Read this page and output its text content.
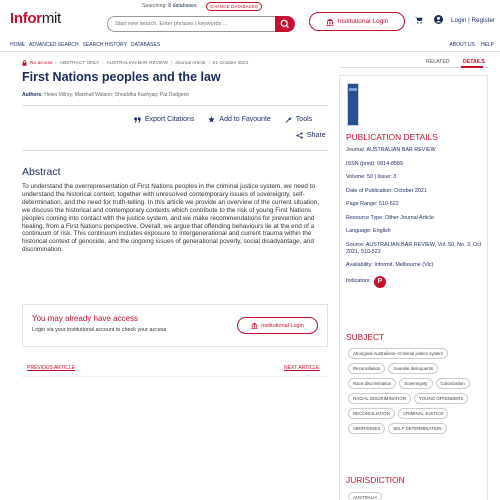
Informit
Searching: 8 databases	CHANGE DATABASES
Start new search. Enter phrases | keywords ...
Institutional Login	Login | Register
HOME ADVANCED SEARCH SEARCH HISTORY DATABASES	ABOUT US HELP
No access | ABSTRACT ONLY | AUSTRALIAN BAR REVIEW | Journal Article | 01 October 2021
First Nations peoples and the law
Authors: Helen Milroy; Marshall Watson; Shraddha Kashyap; Pat Dudgeon
Export Citations	Add to Favourite	Tools
Share
Abstract
To understand the overrepresentation of First Nations peoples in the criminal justice system, we need to understand the historical context, together with unresolved contemporary issues of sovereignty, self-determination, and the need for truth-telling. In this article we provide an overview of the current situation, we discuss the historical and contemporary contexts which contribute to the risk of young First Nations peoples coming into contact with the justice system, and we make recommendations for prevention and healing, from a First Nations perspective. Overall, we argue that offending behaviours lie at the end of a continuum of risk. This continuum includes exposure to intergenerational and current trauma within the historical context of genocide, and the ongoing issues of generational poverty, social disadvantage, and discrimination.
You may already have access
Login via your institutional account to check your access
Institutional Login
PREVIOUS ARTICLE	NEXT ARTICLE
RELATED	DETAILS
PUBLICATION DETAILS
Journal: AUSTRALIAN BAR REVIEW
ISSN (print): 0814-8589
Volume: 50 | Issue: 3
Date of Publication: October 2021
Page Range: 510-522
Resource Type: Other Journal Article
Language: English
Source: AUSTRALIAN BAR REVIEW, Vol. 50, No. 3, Oct 2021, 510-522
Availability: Informit, Melbourne (Vic)
Indicators: P
SUBJECT
Aboriginal Australians--Criminal justice system
Reconciliation	Juvenile delinquents
Race discrimination	Sovereignty	Colonization
RACIAL DISCRIMINATION	YOUNG OFFENDERS
RECONCILIATION	CRIMINAL JUSTICE
ABORIGINES	SELF DETERMINATION
JURISDICTION
AUSTRALIA
